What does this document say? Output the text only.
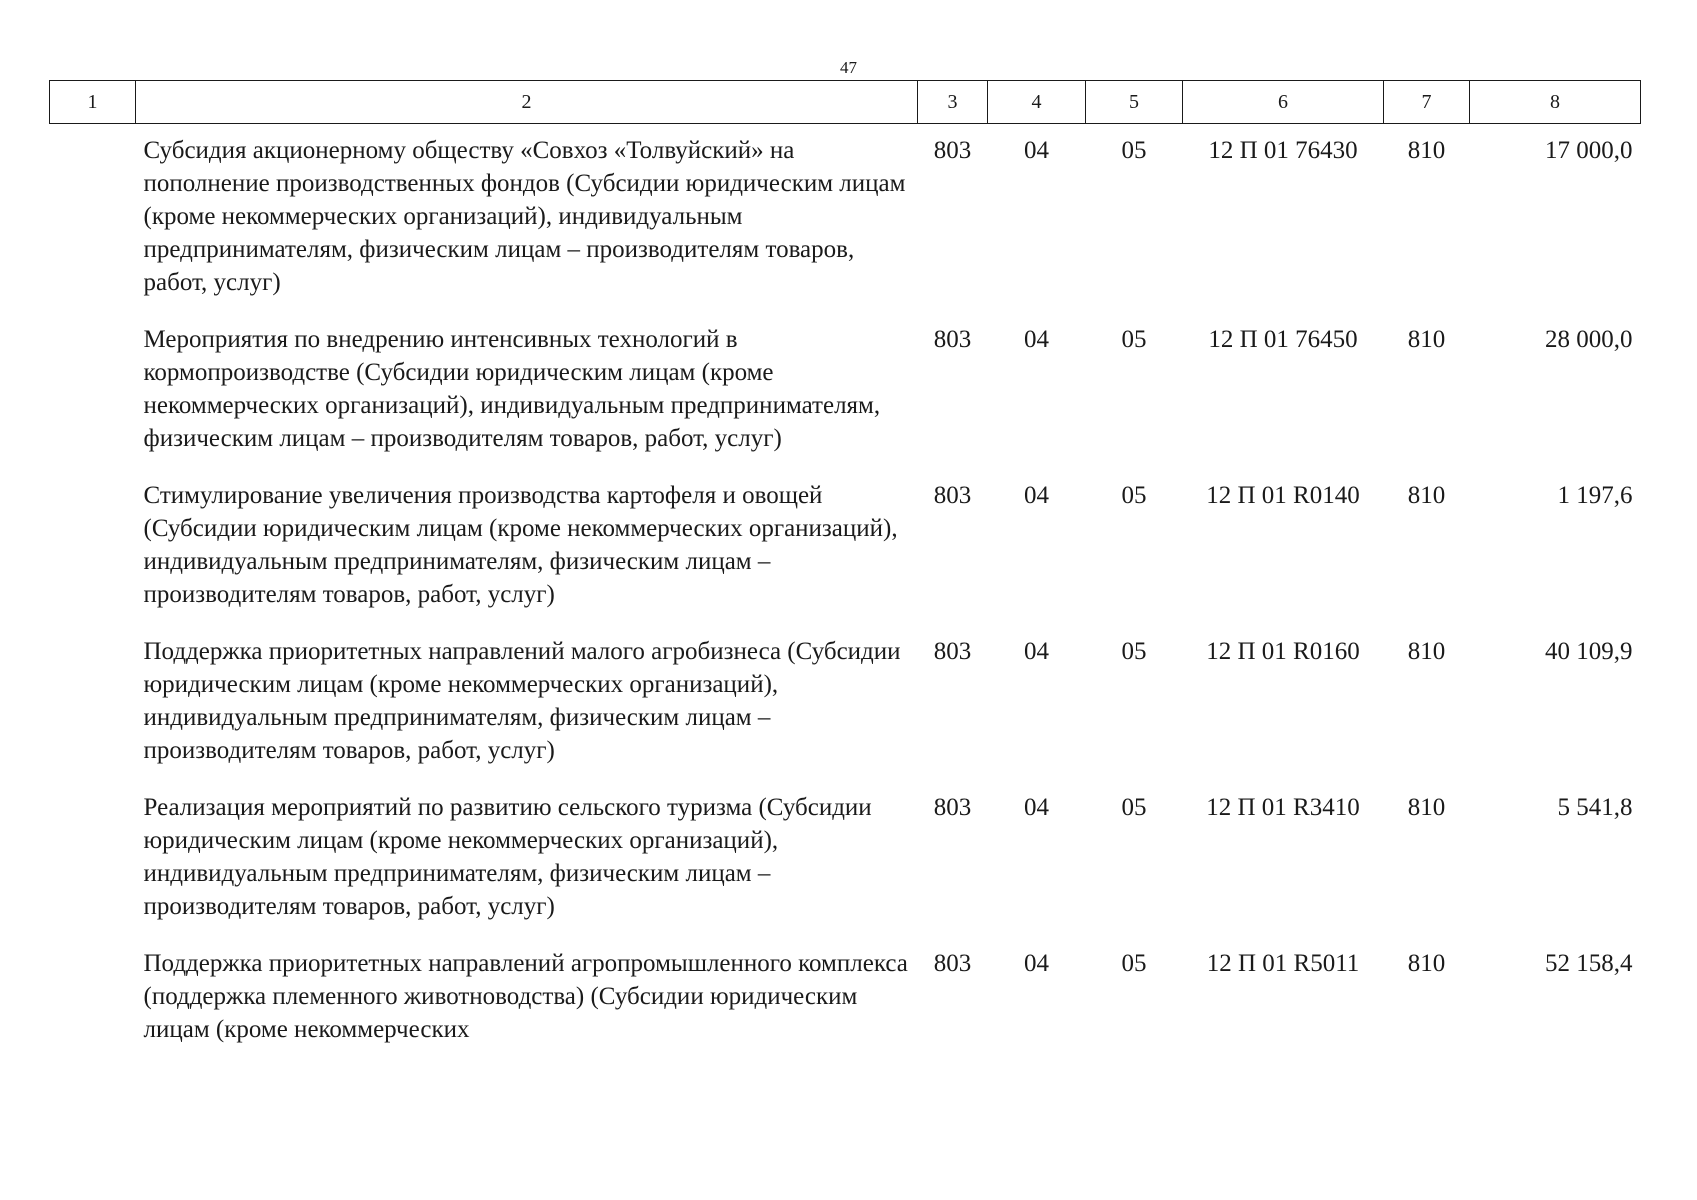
47
1	2	3	4	5	6	7	8
	Субсидия акционерному обществу «Совхоз «Толвуйский» на пополнение производственных фондов (Субсидии юридическим лицам (кроме некоммерческих организаций), индивидуальным предпринимателям, физическим лицам – производителям товаров, работ, услуг)	803	04	05	12 П 01 76430	810	17 000,0
	Мероприятия по внедрению интенсивных технологий в кормопроизводстве (Субсидии юридическим лицам (кроме некоммерческих организаций), индивидуальным предпринимателям, физическим лицам – производителям товаров, работ, услуг)	803	04	05	12 П 01 76450	810	28 000,0
	Стимулирование увеличения производства картофеля и овощей (Субсидии юридическим лицам (кроме некоммерческих организаций), индивидуальным предпринимателям, физическим лицам – производителям товаров, работ, услуг)	803	04	05	12 П 01 R0140	810	1 197,6
	Поддержка приоритетных направлений малого агробизнеса (Субсидии юридическим лицам (кроме некоммерческих организаций), индивидуальным предпринимателям, физическим лицам – производителям товаров, работ, услуг)	803	04	05	12 П 01 R0160	810	40 109,9
	Реализация мероприятий по развитию сельского туризма (Субсидии юридическим лицам (кроме некоммерческих организаций), индивидуальным предпринимателям, физическим лицам – производителям товаров, работ, услуг)	803	04	05	12 П 01 R3410	810	5 541,8
	Поддержка приоритетных направлений агропромышленного комплекса (поддержка племенного животноводства) (Субсидии юридическим лицам (кроме некоммерческих	803	04	05	12 П 01 R5011	810	52 158,4
